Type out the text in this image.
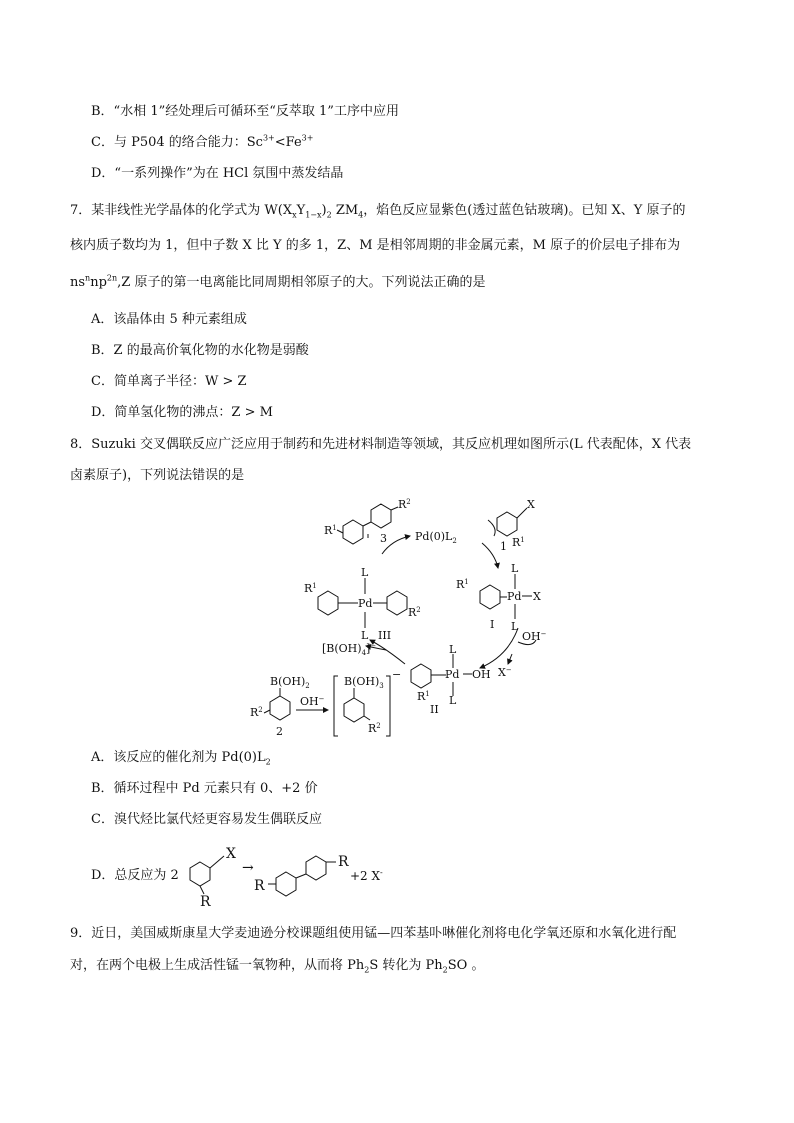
B．“水相 1”经处理后可循环至“反萃取 1”工序中应用
C．与 P504 的络合能力：$Sc^{3+}<Fe^{3+}$
D．“一系列操作”为在 HCl 氛围中蒸发结晶
7．某非线性光学晶体的化学式为 $W(X_xY_{1-x})_2$ $ZM_4$，焰色反应显紫色(透过蓝色钴玻璃)。已知 X、Y 原子的
核内质子数均为 1，但中子数 X 比 Y 的多 1，Z、M 是相邻周期的非金属元素，M 原子的价层电子排布为
$ns^nnp^{2n},Z$ 原子的第一电离能比同周期相邻原子的大。下列说法正确的是
A．该晶体由 5 种元素组成
B．Z 的最高价氧化物的水化物是弱酸
C．简单离子半径：W > Z
D．简单氢化物的沸点：Z > M
8．Suzuki 交叉偶联反应广泛应用于制药和先进材料制造等领域，其反应机理如图所示(L 代表配体，X 代表
卤素原子)，下列说法错误的是
$R^1$
$R^2$
3	$Pd(0)L_2$
X
1 $R^1$
L
Pd
L III
$R^1$
$R^2$
L
Pd X
L
I
$R^1$
OH−
X−
L
Pd OH
L
$R^1$
II
$[B(OH)_4]^-$
$B(OH)_2$
$R^2$
2
OH−
$B(OH)_3$
−
$R^2$
A．该反应的催化剂为 $Pd(0)L_2$
B．循环过程中 Pd 元素只有 0、+2 价
C．溴代烃比氯代烃更容易发生偶联反应
D．总反应为 2
X
R
→
R
R
+2 X-
9．近日，美国威斯康星大学麦迪逊分校课题组使用锰—四苯基卟啉催化剂将电化学氧还原和水氧化进行配
对，在两个电极上生成活性锰一氧物种，从而将 $Ph_2S$ 转化为 $Ph_2SO$ 。
